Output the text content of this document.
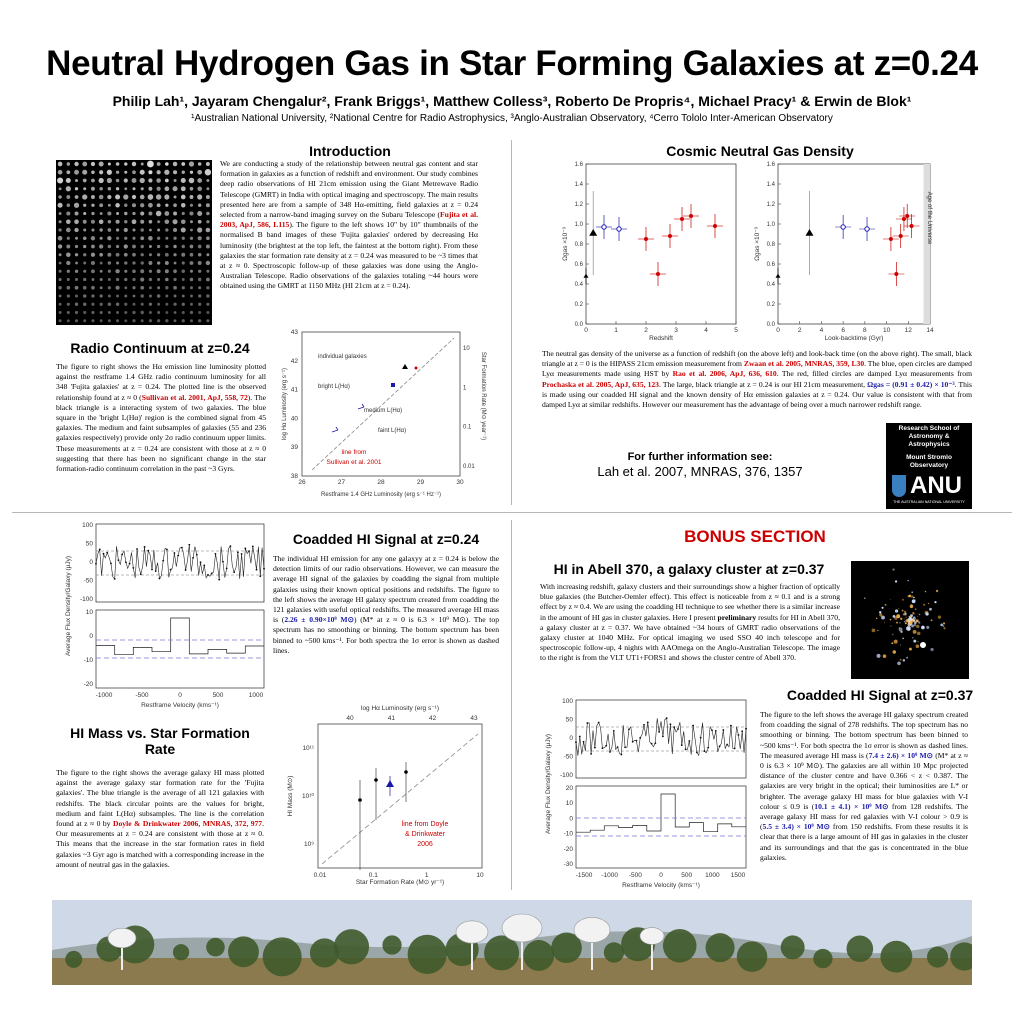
Neutral Hydrogen Gas in Star Forming Galaxies at z=0.24
Philip Lah¹, Jayaram Chengalur², Frank Briggs¹, Matthew Colless³, Roberto De Propris⁴, Michael Pracy¹ & Erwin de Blok¹
¹Australian National University, ²National Centre for Radio Astrophysics, ³Anglo-Australian Observatory, ⁴Cerro Tololo Inter-American Observatory
Introduction
We are conducting a study of the relationship between neutral gas content and star formation in galaxies as a function of redshift and environment. Our study combines deep radio observations of HI 21cm emission using the Giant Metrewave Radio Telescope (GMRT) in India with optical imaging and spectroscopy. The main results presented here are from a sample of 348 Hα-emitting, field galaxies at z = 0.24 selected from a narrow-band imaging survey on the Subaru Telescope (Fujita et al. 2003, ApJ, 586, L115). The figure to the left shows 10" by 10" thumbnails of the normalised B band images of these 'Fujita galaxies' ordered by decreasing Hα luminosity (the brightest at the top left, the faintest at the bottom right). From these galaxies the star formation rate density at z = 0.24 was measured to be ~3 times that at z ≈ 0. Spectroscopic follow-up of these galaxies was done using the Anglo-Australian Telescope. Radio observations of the galaxies totaling ~44 hours were obtained using the GMRT at 1150 MHz (HI 21cm at z = 0.24).
Cosmic Neutral Gas Density
0.0
0.2
0.4
0.6
0.8
1.0
1.2
1.4
1.6
0	1	2	3	4	5
Redshift
Ωgas ×10⁻³
0.0
0.2
0.4
0.6
0.8
1.0
1.2
1.4
1.6
0	2	4	6	8	10 12 14
Look-backtime (Gyr)
Ωgas ×10⁻³	Age of the Universe
The neutral gas density of the universe as a function of redshift (on the above left) and look-back time (on the above right). The small, black triangle at z = 0 is the HIPASS 21cm emission measurement from Zwaan et al. 2005, MNRAS, 359, L30. The blue, open circles are damped Lyα measurements made using HST by Rao et al. 2006, ApJ, 636, 610. The red, filled circles are damped Lyα measurements from Prochaska et al. 2005, ApJ, 635, 123. The large, black triangle at z = 0.24 is our HI 21cm measurement, Ωgas = (0.91 ± 0.42) × 10⁻³. This is made using our coadded HI signal and the known density of Hα emission galaxies at z = 0.24. Our value is consistent with that from damped Lyα at similar redshifts. However our measurement has the advantage of being over a much narrower redshift range.
For further information see:
Lah et al. 2007, MNRAS, 376, 1357
Research School of Astronomy & Astrophysics
Mount Stromlo Observatory
ANU
THE AUSTRALIAN NATIONAL UNIVERSITY
Radio Continuum at z=0.24
The figure to right shows the Hα emission line luminosity plotted against the restframe 1.4 GHz radio continuum luminosity for all 348 'Fujita galaxies' at z = 0.24. The plotted line is the observed relationship found at z ≈ 0 (Sullivan et al. 2001, ApJ, 558, 72). The black triangle is a interacting system of two galaxies. The blue square in the 'bright L(Hα)' region is the combined signal from 45 galaxies. The medium and faint subsamples of galaxies (55 and 236 galaxies respectively) provide only 2σ radio continuum upper limits. These measurements at z = 0.24 are consistent with those at z ≈ 0 suggesting that there has been no significant change in the star formation-radio continuum correlation in the past ~3 Gyrs.
38
39
40
41
42
43
26	27	28	29	30
0.01
0.1
1
10
Restframe 1.4 GHz Luminosity (erg s⁻¹ Hz⁻¹)
log Hα Luminosity (erg s⁻¹)	Star Formation Rate (M⊙ year⁻¹)
individual galaxies
bright L(Hα)
medium L(Hα)
faint L(Hα)
line from
Sullivan et al. 2001
100
50
0
-50
-100
10
0
-10
-20
-1000	-500	0	500	1000
Restframe Velocity (kms⁻¹)
Average Flux Density/Galaxy (μJy)
Coadded HI Signal at z=0.24
The individual HI emission for any one galaxyy at z = 0.24 is below the detection limits of our radio observations. However, we can measure the average HI signal of the galaxies by coadding the signal from multiple galaxies using their known optical positions and redshifts. The figure to the left shows the average HI galaxy spectrum created from coadding the 121 galaxies with useful optical redshifts. The measured average HI mass is (2.26 ± 0.90×10⁹ M⊙) (M* at z ≈ 0 is 6.3 × 10⁹ M⊙). The top spectrum has no smoothing or binning. The bottom spectrum has been binned to ~500 kms⁻¹. For both spectra the 1σ error is shown as dashed lines.
HI Mass vs. Star Formation Rate
The figure to the right shows the average galaxy HI mass plotted against the average galaxy star formation rate for the 'Fujita galaxies'. The blue triangle is the average of all 121 galaxies with redshifts. The black circular points are the values for bright, medium and faint L(Hα) subsamples. The line is the correlation found at z ≈ 0 by Doyle & Drinkwater 2006, MNRAS, 372, 977. Our measurements at z = 0.24 are consistent with those at z ≈ 0. This means that the increase in the star formation rates in field galaxies ~3 Gyr ago is matched with a corresponding increase in the amount of neutral gas in the galaxies.
0.01	0.1	1	10
40	41	42	43
10⁹
10¹⁰
10¹¹
Star Formation Rate (M⊙ yr⁻¹)
log Hα Luminosity (erg s⁻¹)
HI Mass (M⊙)
line from Doyle
& Drinkwater
2006
BONUS SECTION
HI in Abell 370, a galaxy cluster at z=0.37
With increasing redshift, galaxy clusters and their surroundings show a higher fraction of optically blue galaxies (the Butcher-Oemler effect). This effect is noticeable from z ≈ 0.1 and is a strong effect by z ≈ 0.4. We are using the coadding HI technique to see whether there is a similar increase in the amount of HI gas in cluster galaxies. Here I present preliminary results for HI in Abell 370, a galaxy cluster at z = 0.37. We have obtained ~34 hours of GMRT radio observations of the galaxy cluster at 1040 MHz. For optical imaging we used SSO 40 inch telescope and for spectroscopic follow-up, 4 nights with AAOmega on the Anglo-Australian Telescope. The image to the right is from the VLT UT1+FORS1 and shows the cluster centre of Abell 370.
Coadded HI Signal at z=0.37
100
50
0
-50
-100
20
10
0
-10
-20
-30
-1500 -1000 -500	0	500 1000 1500
Restframe Velocity (kms⁻¹)
Average Flux Density/Galaxy (μJy)
The figure to the left shows the average HI galaxy spectrum created from coadding the signal of 278 redshifts. The top spectrum has no smoothing or binning. The bottom spectrum has been binned to ~500 kms⁻¹. For both spectra the 1σ error is shown as dashed lines. The measured average HI mass is (7.4 ± 2.6) × 10⁹ M⊙ (M* at z ≈ 0 is 6.3 × 10⁹ M⊙). The galaxies are all within 10 Mpc projected distance of the cluster centre and have 0.366 < z < 0.387. The galaxies are very bright in the optical; their luminosities are L* or brighter. The average galaxy HI mass for blue galaxies with V-I colour ≤ 0.9 is (10.1 ± 4.1) × 10⁹ M⊙ from 128 redshifts. The average galaxy HI mass for red galaxies with V-I colour > 0.9 is (5.5 ± 3.4) × 10⁹ M⊙ from 150 redshifts. From these results it is clear that there is a large amount of HI gas in galaxies in the cluster and its surroundings and that the gas is concentrated in the blue galaxies.
